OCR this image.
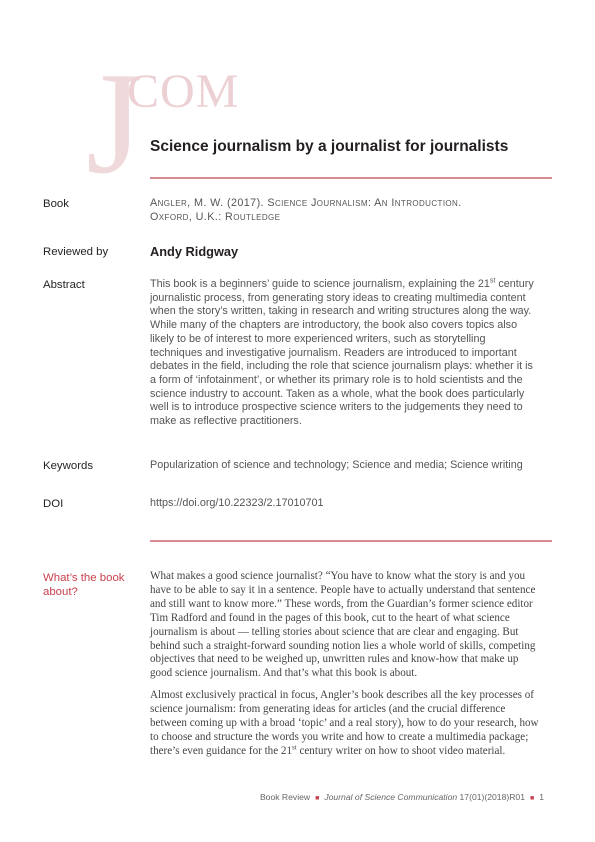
J
COM
Science journalism by a journalist for journalists
Book	Angler, M. W. (2017). Science Journalism: An Introduction.
Oxford, U.K.: Routledge
Reviewed by	Andy Ridgway
Abstract	This book is a beginners’ guide to science journalism, explaining the 21st century journalistic process, from generating story ideas to creating multimedia content when the story’s written, taking in research and writing structures along the way. While many of the chapters are introductory, the book also covers topics also likely to be of interest to more experienced writers, such as storytelling techniques and investigative journalism. Readers are introduced to important debates in the field, including the role that science journalism plays: whether it is a form of ‘infotainment’, or whether its primary role is to hold scientists and the science industry to account. Taken as a whole, what the book does particularly well is to introduce prospective science writers to the judgements they need to make as reflective practitioners.
Keywords	Popularization of science and technology; Science and media; Science writing
DOI	https://doi.org/10.22323/2.17010701
What’s the book
about?

What makes a good science journalist? “You have to know what the story is and you have to be able to say it in a sentence. People have to actually understand that sentence and still want to know more.” These words, from the Guardian’s former science editor Tim Radford and found in the pages of this book, cut to the heart of what science journalism is about — telling stories about science that are clear and engaging. But behind such a straight-forward sounding notion lies a whole world of skills, competing objectives that need to be weighed up, unwritten rules and know-how that make up good science journalism. And that’s what this book is about.

Almost exclusively practical in focus, Angler’s book describes all the key processes of science journalism: from generating ideas for articles (and the crucial difference between coming up with a broad ‘topic’ and a real story), how to do your research, how to choose and structure the words you write and how to create a multimedia package; there’s even guidance for the 21st century writer on how to shoot video material.

Book Review ■ Journal of Science Communication 17(01)(2018)R01 ■ 1
